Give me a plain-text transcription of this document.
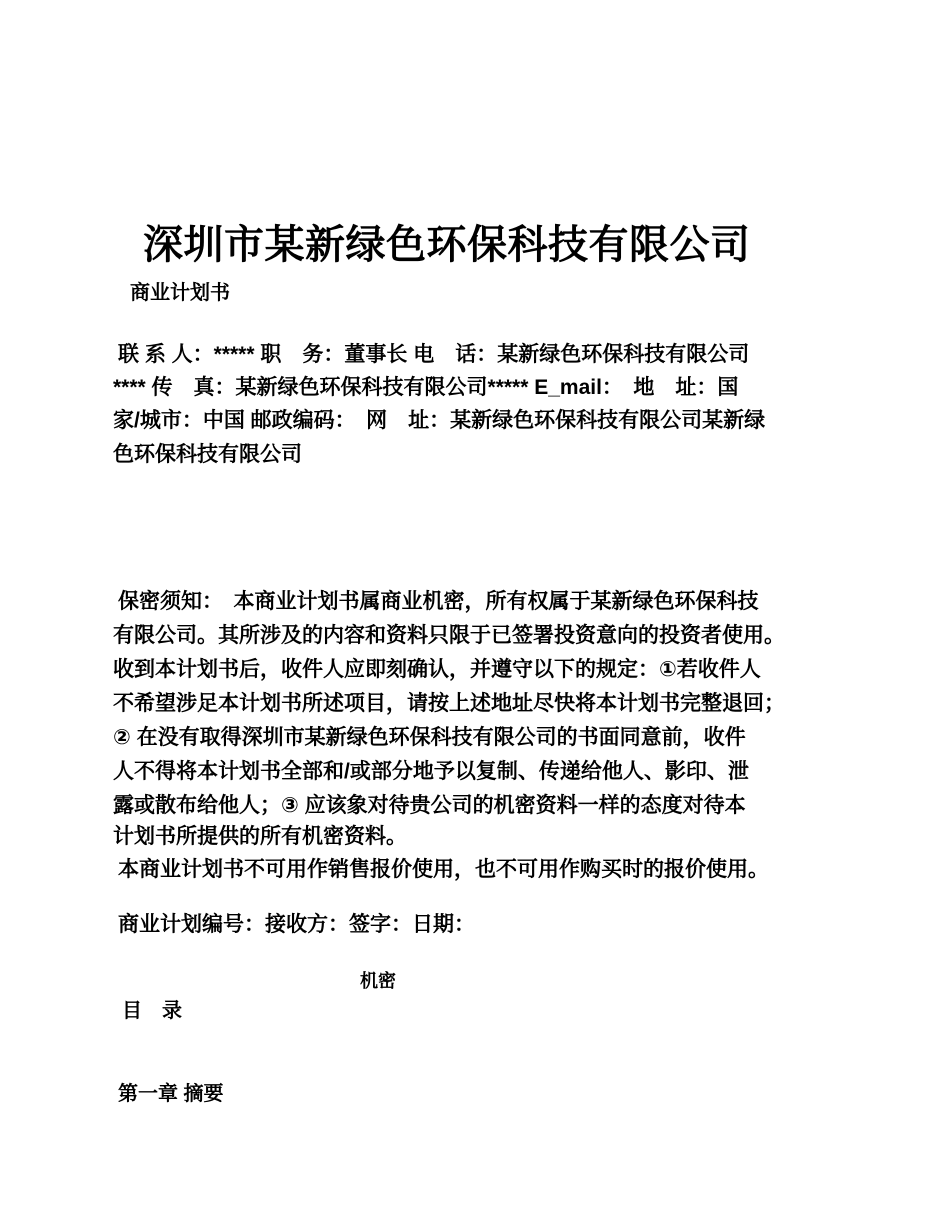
深圳市某新绿色环保科技有限公司
商业计划书
联 系 人：***** 职　务：董事长 电　话：某新绿色环保科技有限公司
**** 传　真：某新绿色环保科技有限公司***** E_mail：　地　址：国
家/城市：中国 邮政编码：　网　址：某新绿色环保科技有限公司某新绿
色环保科技有限公司
保密须知：　本商业计划书属商业机密，所有权属于某新绿色环保科技
有限公司。其所涉及的内容和资料只限于已签署投资意向的投资者使用。
收到本计划书后，收件人应即刻确认，并遵守以下的规定：①若收件人
不希望涉足本计划书所述项目，请按上述地址尽快将本计划书完整退回；
② 在没有取得深圳市某新绿色环保科技有限公司的书面同意前，收件
人不得将本计划书全部和/或部分地予以复制、传递给他人、影印、泄
露或散布给他人；③ 应该象对待贵公司的机密资料一样的态度对待本
计划书所提供的所有机密资料。
本商业计划书不可用作销售报价使用，也不可用作购买时的报价使用。
商业计划编号：接收方：签字：日期：
机密
目　录
第一章 摘要
